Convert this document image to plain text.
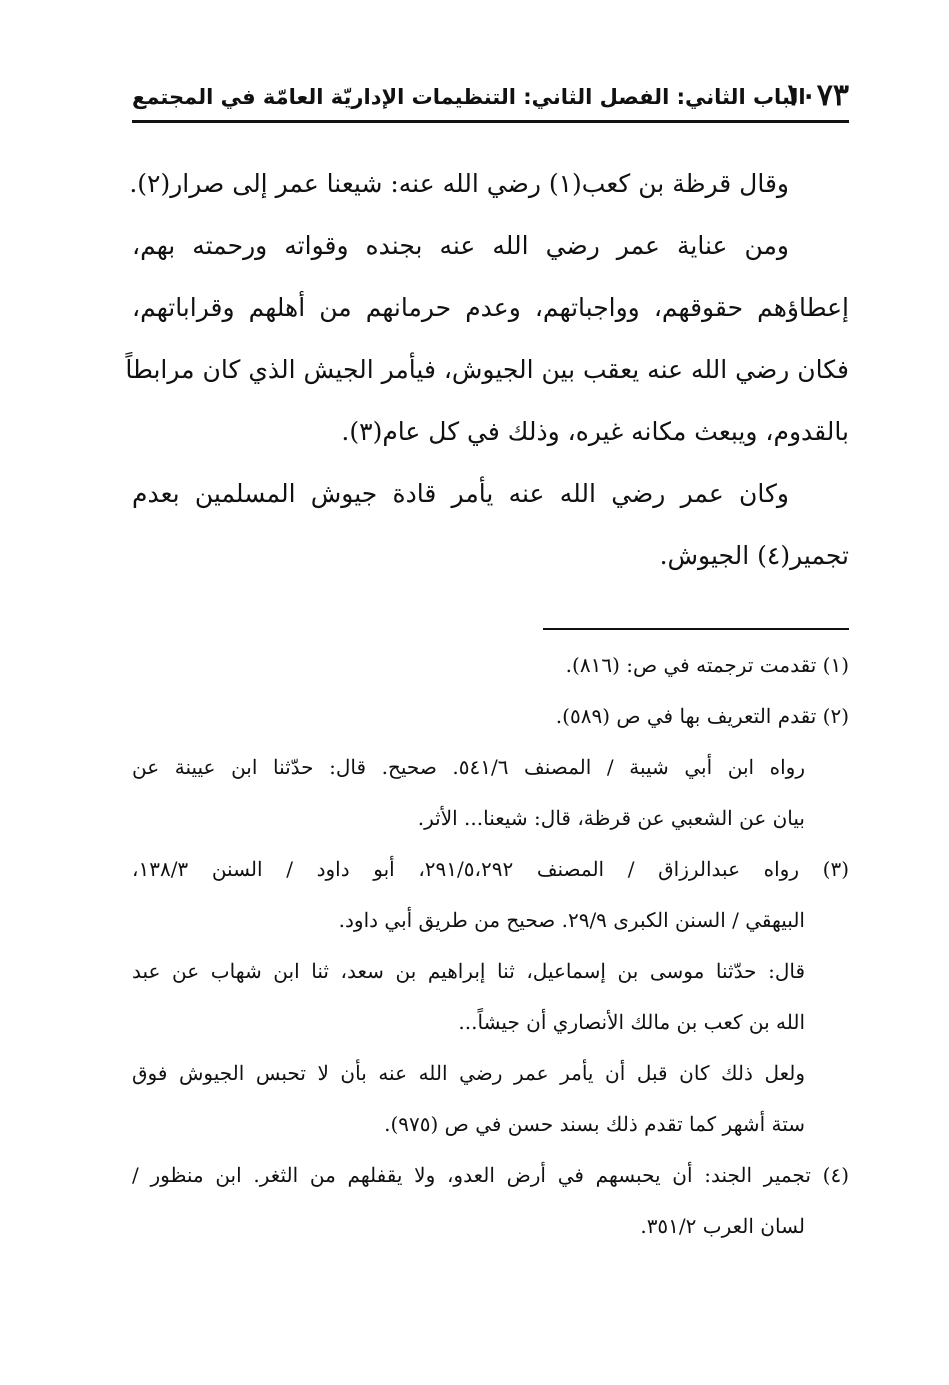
١٠٧٣
الباب الثاني: الفصل الثاني: التنظيمات الإداريّة العامّة في المجتمع
وقال قرظة بن كعب(١) رضي الله عنه: شيعنا عمر إلى صرار(٢).
ومن عناية عمر رضي الله عنه بجنده وقواته ورحمته بهم،
إعطاؤهم حقوقهم، وواجباتهم، وعدم حرمانهم من أهلهم وقراباتهم،
فكان رضي الله عنه يعقب بين الجيوش، فيأمر الجيش الذي كان مرابطاً
بالقدوم، ويبعث مكانه غيره، وذلك في كل عام(٣).
وكان عمر رضي الله عنه يأمر قادة جيوش المسلمين بعدم
تجمير(٤) الجيوش.
(١) تقدمت ترجمته في ص: (٨١٦).
(٢) تقدم التعريف بها في ص (٥٨٩).
رواه ابن أبي شيبة / المصنف ٥٤١/٦. صحيح. قال: حدّثنا ابن عيينة عن
بيان عن الشعبي عن قرظة، قال: شيعنا... الأثر.
(٣) رواه عبدالرزاق / المصنف ٢٩١/٥،٢٩٢، أبو داود / السنن ١٣٨/٣،
البيهقي / السنن الكبرى ٢٩/٩. صحيح من طريق أبي داود.
قال: حدّثنا موسى بن إسماعيل، ثنا إبراهيم بن سعد، ثنا ابن شهاب عن عبد
الله بن كعب بن مالك الأنصاري أن جيشاً...
ولعل ذلك كان قبل أن يأمر عمر رضي الله عنه بأن لا تحبس الجيوش فوق
ستة أشهر كما تقدم ذلك بسند حسن في ص (٩٧٥).
(٤) تجمير الجند: أن يحبسهم في أرض العدو، ولا يقفلهم من الثغر. ابن منظور /
لسان العرب ٣٥١/٢.
